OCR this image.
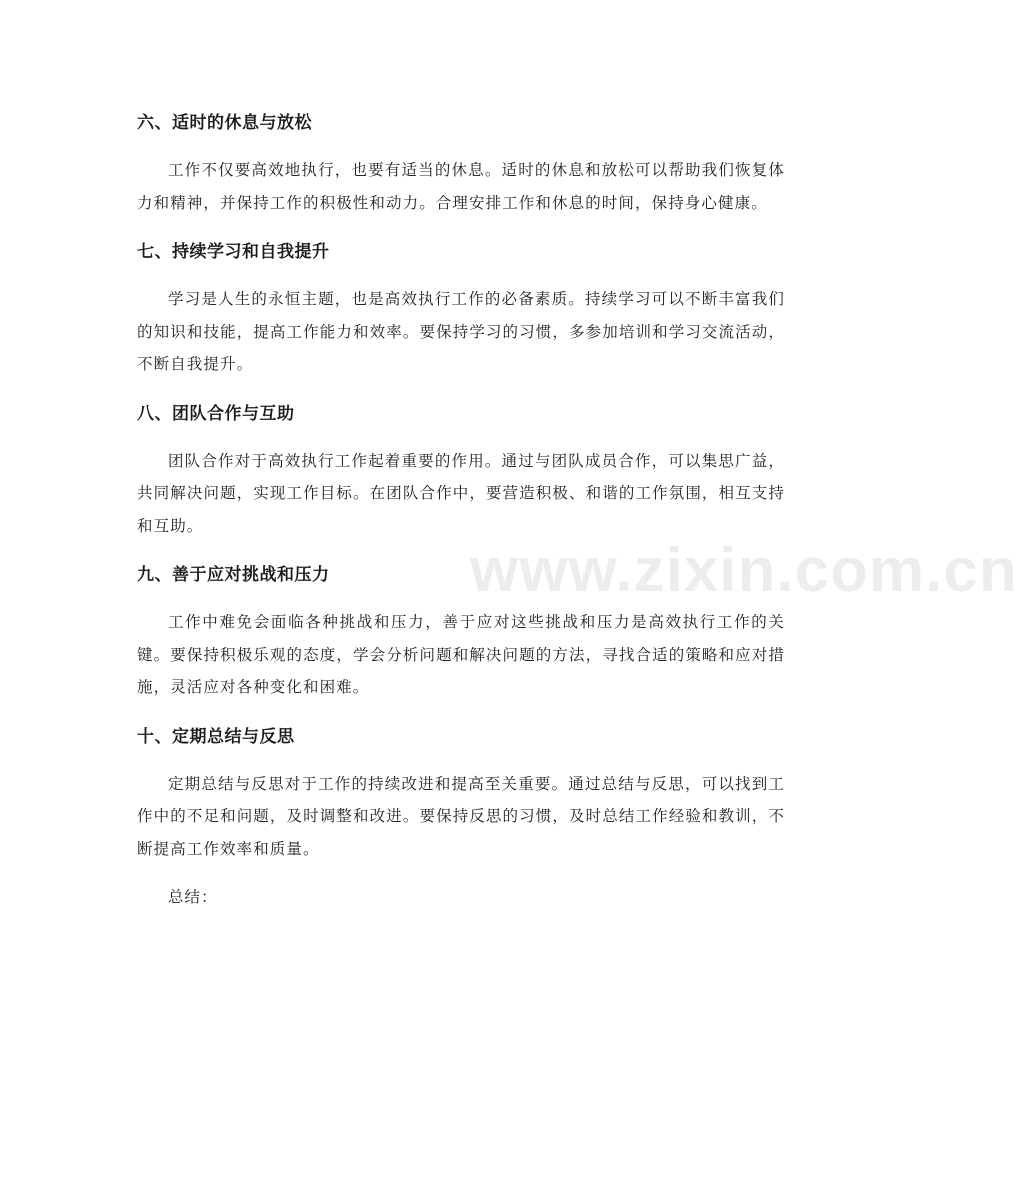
www.zixin.com.cn
六、适时的休息与放松

工作不仅要高效地执行，也要有适当的休息。适时的休息和放松可以帮助我们恢复体力和精神，并保持工作的积极性和动力。合理安排工作和休息的时间，保持身心健康。

七、持续学习和自我提升

学习是人生的永恒主题，也是高效执行工作的必备素质。持续学习可以不断丰富我们的知识和技能，提高工作能力和效率。要保持学习的习惯，多参加培训和学习交流活动，不断自我提升。

八、团队合作与互助

团队合作对于高效执行工作起着重要的作用。通过与团队成员合作，可以集思广益，共同解决问题，实现工作目标。在团队合作中，要营造积极、和谐的工作氛围，相互支持和互助。

九、善于应对挑战和压力

工作中难免会面临各种挑战和压力，善于应对这些挑战和压力是高效执行工作的关键。要保持积极乐观的态度，学会分析问题和解决问题的方法，寻找合适的策略和应对措施，灵活应对各种变化和困难。

十、定期总结与反思

定期总结与反思对于工作的持续改进和提高至关重要。通过总结与反思，可以找到工作中的不足和问题，及时调整和改进。要保持反思的习惯，及时总结工作经验和教训，不断提高工作效率和质量。

总结：
